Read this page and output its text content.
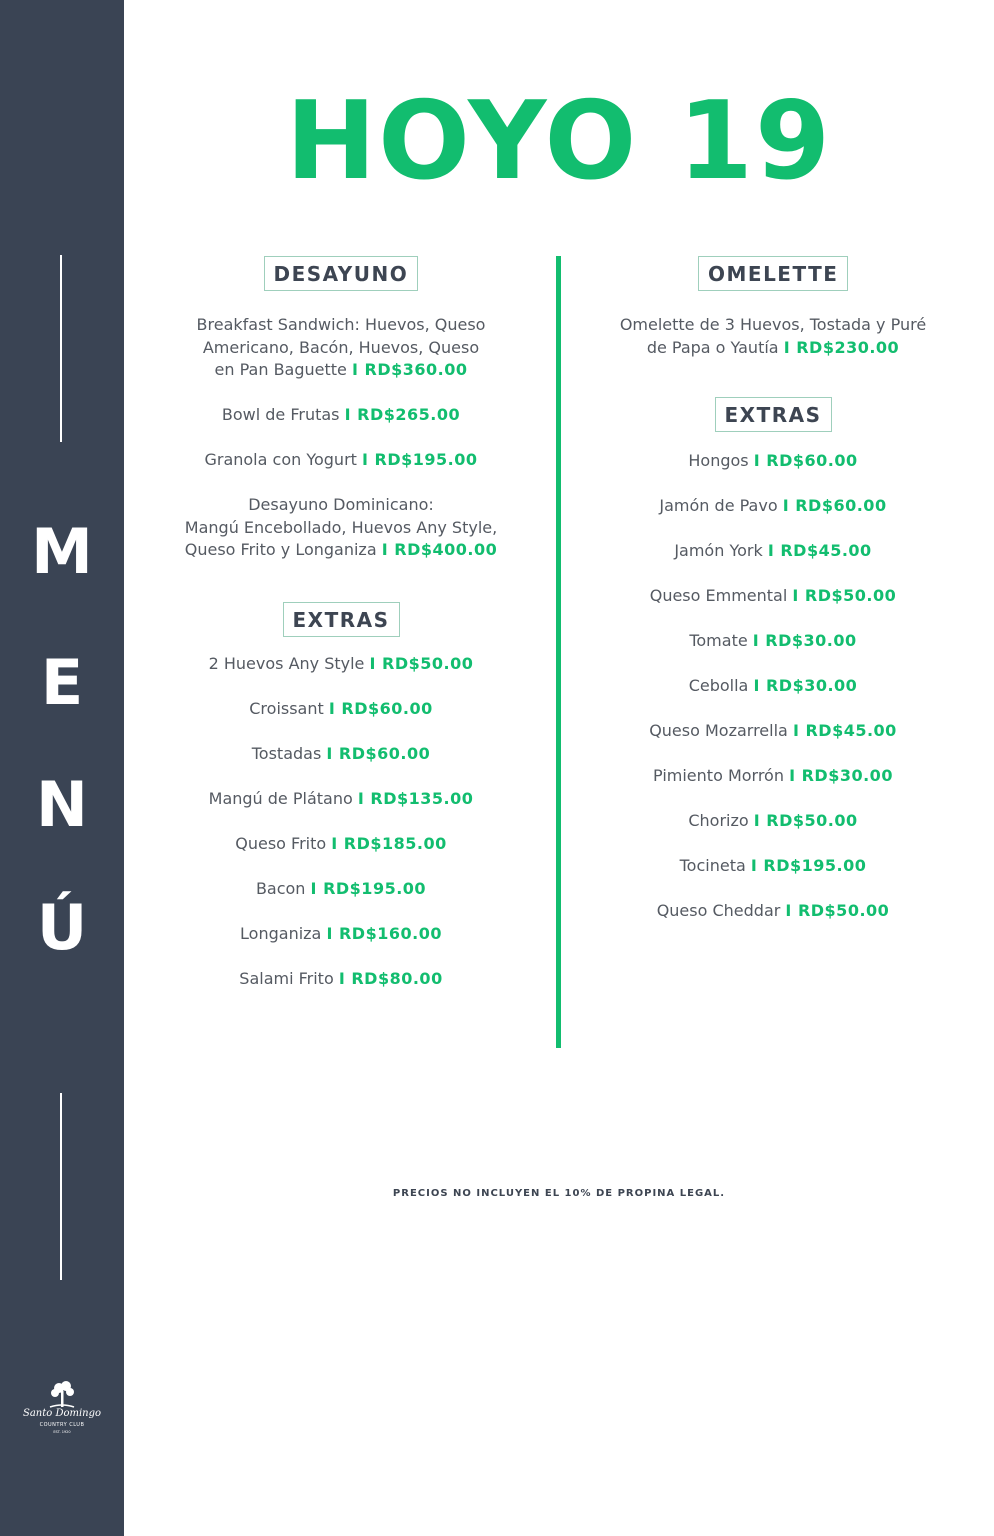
M
E
N
Ú
Santo Domingo
COUNTRY CLUB
EST. 1920
HOYO 19
DESAYUNO
Breakfast Sandwich: Huevos, Queso
Americano, Bacón, Huevos, Queso
en Pan Baguette I RD$360.00
Bowl de Frutas I RD$265.00
Granola con Yogurt I RD$195.00
Desayuno Dominicano:
Mangú Encebollado, Huevos Any Style,
Queso Frito y Longaniza I RD$400.00
EXTRAS
2 Huevos Any Style I RD$50.00
Croissant I RD$60.00
Tostadas I RD$60.00
Mangú de Plátano I RD$135.00
Queso Frito I RD$185.00
Bacon I RD$195.00
Longaniza I RD$160.00
Salami Frito I RD$80.00
OMELETTE
Omelette de 3 Huevos, Tostada y Puré
de Papa o Yautía I RD$230.00
EXTRAS
Hongos I RD$60.00
Jamón de Pavo I RD$60.00
Jamón York I RD$45.00
Queso Emmental I RD$50.00
Tomate I RD$30.00
Cebolla I RD$30.00
Queso Mozarrella I RD$45.00
Pimiento Morrón I RD$30.00
Chorizo I RD$50.00
Tocineta I RD$195.00
Queso Cheddar I RD$50.00
PRECIOS NO INCLUYEN EL 10% DE PROPINA LEGAL.
